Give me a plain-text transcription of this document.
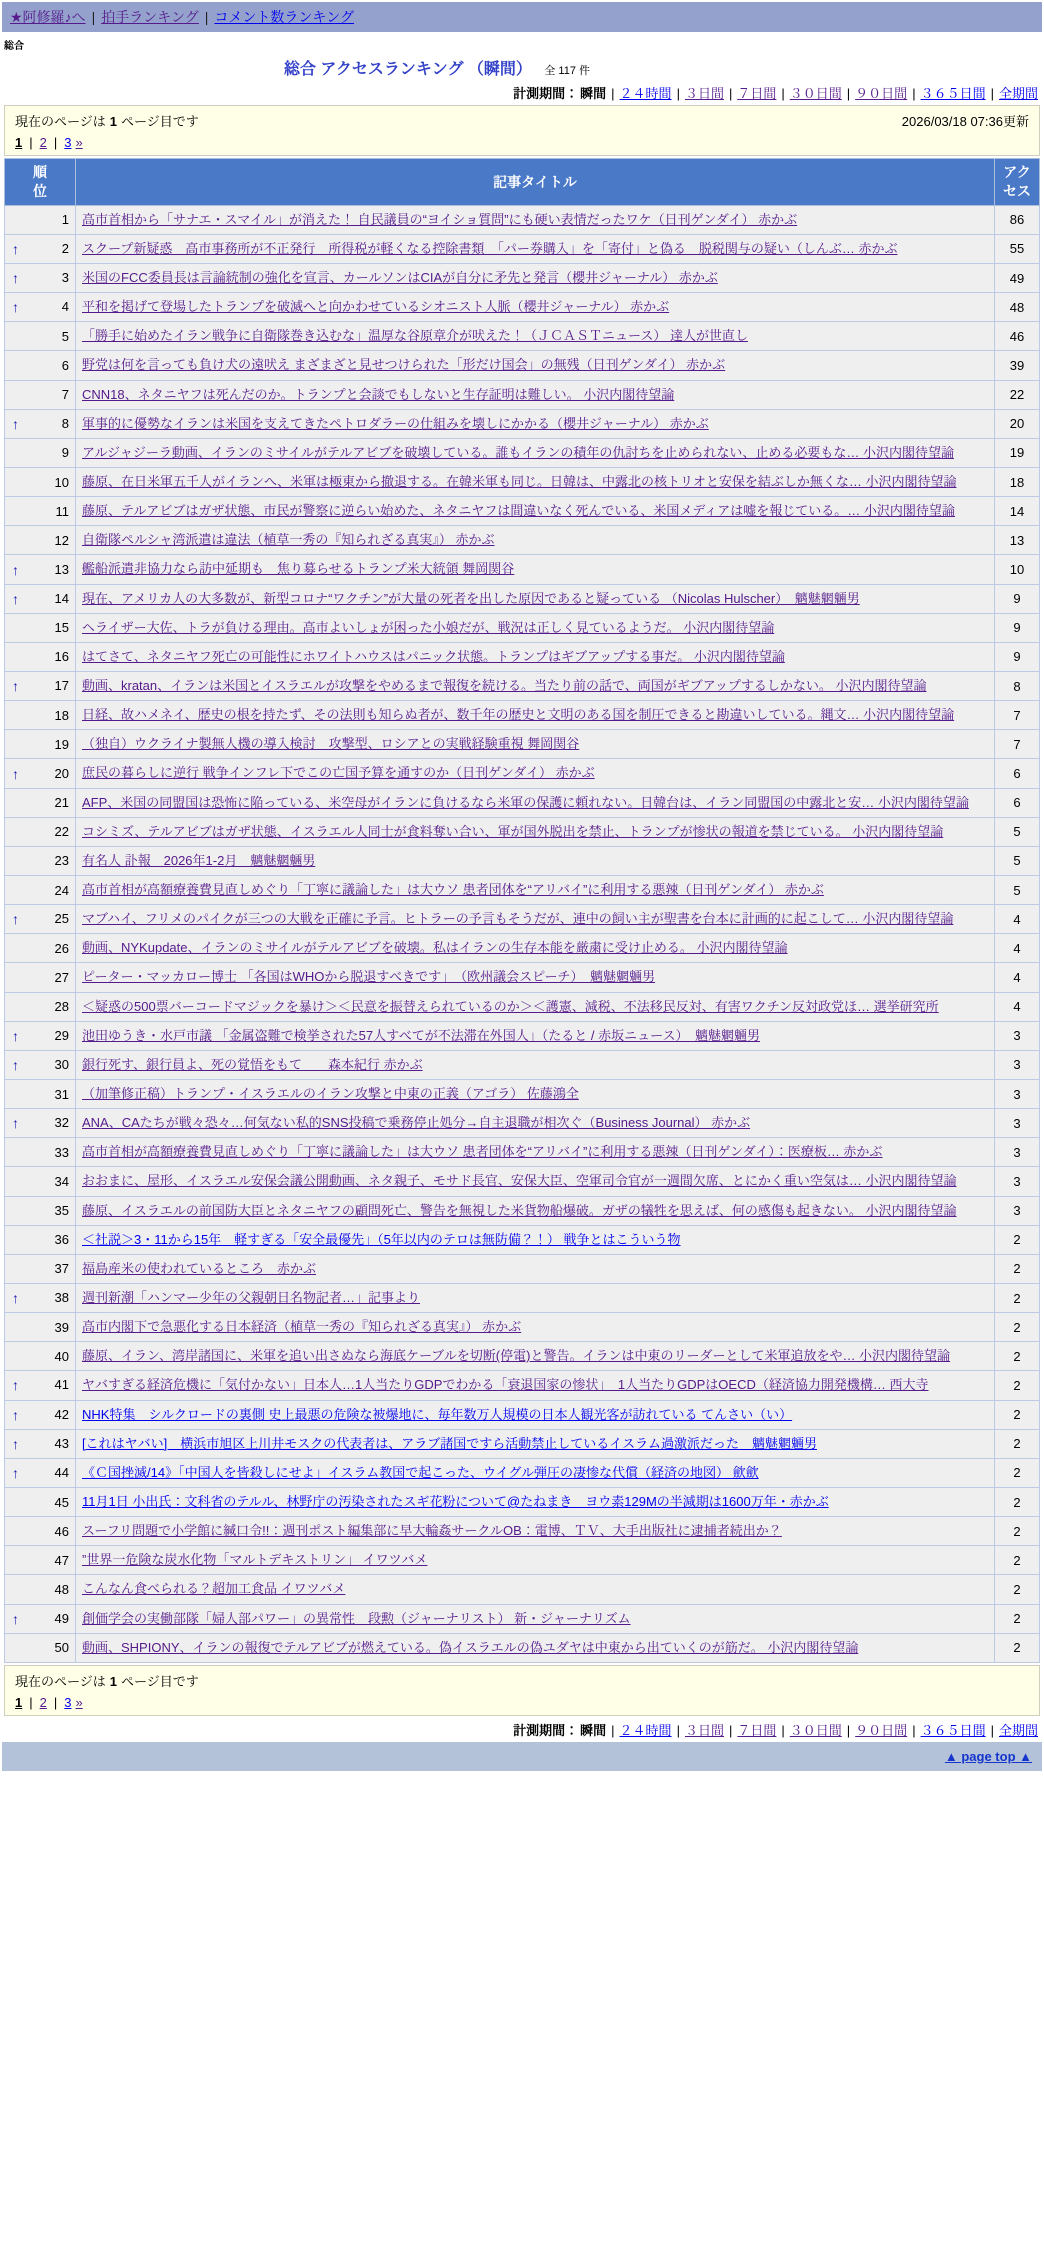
★阿修羅♪へ | 拍手ランキング | コメント数ランキング
総合
総合 アクセスランキング （瞬間） 全 117 件
計測期間： 瞬間 | ２４時間 | ３日間 | ７日間 | ３０日間 | ９０日間 | ３６５日間 | 全期間
現在のページは 1 ページ目です	2026/03/18 07:36更新
1 | 2 | 3 »
順位	記事タイトル	アクセス

1	高市首相から「サナエ・スマイル」が消えた！ 自民議員の“ヨイショ質問”にも硬い表情だったワケ（日刊ゲンダイ） 赤かぶ	86

↑ 2	スクープ新疑惑　高市事務所が不正発行　所得税が軽くなる控除書類　「パー券購入」を「寄付」と偽る　脱税関与の疑い（しんぶ… 赤かぶ	55

↑ 3	米国のFCC委員長は言論統制の強化を宣言、カールソンはCIAが自分に矛先と発言（櫻井ジャーナル） 赤かぶ	49

↑ 4	平和を掲げて登場したトランプを破滅へと向かわせているシオニスト人脈（櫻井ジャーナル） 赤かぶ	48

5	「勝手に始めたイラン戦争に自衛隊巻き込むな」温厚な谷原章介が吠えた！（ＪＣＡＳＴニュース） 達人が世直し	46

6	野党は何を言っても負け犬の遠吠え まざまざと見せつけられた「形だけ国会」の無残（日刊ゲンダイ） 赤かぶ	39

7	CNN18、ネタニヤフは死んだのか。トランプと会談でもしないと生存証明は難しい。 小沢内閣待望論	22

↑ 8	軍事的に優勢なイランは米国を支えてきたペトロダラーの仕組みを壊しにかかる（櫻井ジャーナル） 赤かぶ	20

9	アルジャジーラ動画、イランのミサイルがテルアビブを破壊している。誰もイランの積年の仇討ちを止められない、止める必要もな… 小沢内閣待望論	19

10	藤原、在日米軍五千人がイランへ、米軍は極東から撤退する。在韓米軍も同じ。日韓は、中露北の核トリオと安保を結ぶしか無くな… 小沢内閣待望論	18

11	藤原、テルアビブはガザ状態、市民が警察に逆らい始めた、ネタニヤフは間違いなく死んでいる、米国メディアは嘘を報じている。… 小沢内閣待望論	14

12	自衛隊ペルシャ湾派遣は違法（植草一秀の『知られざる真実』） 赤かぶ	13

↑ 13	艦船派遣非協力なら訪中延期も　焦り募らせるトランプ米大統領 舞岡関谷	10

↑ 14	現在、アメリカ人の大多数が、新型コロナ“ワクチン”が大量の死者を出した原因であると疑っている （Nicolas Hulscher）　魑魅魍魎男	9

15	ヘライザー大佐、トラが負ける理由。高市よいしょが困った小娘だが、戦況は正しく見ているようだ。 小沢内閣待望論	9

16	はてさて、ネタニヤフ死亡の可能性にホワイトハウスはパニック状態。トランプはギブアップする事だ。 小沢内閣待望論	9

↑ 17	動画、kratan、イランは米国とイスラエルが攻撃をやめるまで報復を続ける。当たり前の話で、両国がギブアップするしかない。 小沢内閣待望論	8

18	日経、故ハメネイ、歴史の根を持たず、その法則も知らぬ者が、数千年の歴史と文明のある国を制圧できると勘違いしている。縄文… 小沢内閣待望論	7

19	（独自）ウクライナ製無人機の導入検討　攻撃型、ロシアとの実戦経験重視 舞岡関谷	7

↑ 20	庶民の暮らしに逆行 戦争インフレ下でこの亡国予算を通すのか（日刊ゲンダイ） 赤かぶ	6

21	AFP、米国の同盟国は恐怖に陥っている、米空母がイランに負けるなら米軍の保護に頼れない。日韓台は、イラン同盟国の中露北と安… 小沢内閣待望論	6

22	コシミズ、テルアビブはガザ状態、イスラエル人同士が食料奪い合い、軍が国外脱出を禁止、トランプが惨状の報道を禁じている。 小沢内閣待望論	5

23	有名人 訃報　2026年1-2月　魑魅魍魎男	5

24	高市首相が高額療養費見直しめぐり「丁寧に議論した」は大ウソ 患者団体を“アリバイ”に利用する悪辣（日刊ゲンダイ） 赤かぶ	5

↑ 25	マブハイ、フリメのパイクが三つの大戦を正確に予言。ヒトラーの予言もそうだが、連中の飼い主が聖書を台本に計画的に起こして… 小沢内閣待望論	4

26	動画、NYKupdate、イランのミサイルがテルアビブを破壊。私はイランの生存本能を厳粛に受け止める。 小沢内閣待望論	4

27	ピーター・マッカロー博士 「各国はWHOから脱退すべきです」　（欧州議会スピーチ）　魑魅魍魎男	4

28	＜疑惑の500票バーコードマジックを暴け＞＜民意を振替えられているのか＞＜護憲、減税、不法移民反対、有害ワクチン反対政党ほ… 選挙研究所	4

↑ 29	池田ゆうき・水戸市議 「金属盗難で検挙された57人すべてが不法滞在外国人」（たると / 赤坂ニュース）　魑魅魍魎男	3

↑ 30	銀行死す、銀行員よ、死の覚悟をもて　　森本紀行 赤かぶ	3

31	（加筆修正稿）トランプ・イスラエルのイラン攻撃と中東の正義（アゴラ） 佐藤鴻全	3

↑ 32	ANA、CAたちが戦々恐々…何気ない私的SNS投稿で乗務停止処分→自主退職が相次ぐ（Business Journal） 赤かぶ	3

33	高市首相が高額療養費見直しめぐり「丁寧に議論した」は大ウソ 患者団体を“アリバイ”に利用する悪辣（日刊ゲンダイ）：医療板… 赤かぶ	3

34	おおまに、屋形、イスラエル安保会議公開動画、ネタ親子、モサド長官、安保大臣、空軍司令官が一週間欠席、とにかく重い空気は… 小沢内閣待望論	3

35	藤原、イスラエルの前国防大臣とネタニヤフの顧問死亡、警告を無視した米貨物船爆破。ガザの犠牲を思えば、何の感傷も起きない。 小沢内閣待望論	3

36	＜社説＞3・11から15年　軽すぎる「安全最優先」（5年以内のテロは無防備？！） 戦争とはこういう物	2

37	福島産米の使われているところ　赤かぶ	2

↑ 38	週刊新潮「ハンマー少年の父親朝日名物記者…」記事より	2

39	高市内閣下で急悪化する日本経済（植草一秀の『知られざる真実』） 赤かぶ	2

40	藤原、イラン、湾岸諸国に、米軍を追い出さぬなら海底ケーブルを切断(停電)と警告。イランは中東のリーダーとして米軍追放をや… 小沢内閣待望論	2

↑ 41	ヤバすぎる経済危機に「気付かない」日本人…1人当たりGDPでわかる「衰退国家の惨状」　1人当たりGDPはOECD（経済協力開発機構… 西大寺	2

↑ 42	NHK特集　シルクロードの裏側 史上最悪の危険な被爆地に、毎年数万人規模の日本人観光客が訪れている てんさい（い）	2

↑ 43	[これはヤバい]　横浜市旭区上川井モスクの代表者は、アラブ諸国ですら活動禁止しているイスラム過激派だった　魑魅魍魎男	2

↑ 44	《Ｃ国挫滅/14》「中国人を皆殺しにせよ」イスラム教国で起こった、ウイグル弾圧の凄惨な代償（経済の地図） 歛歛	2

45	11月1日 小出氏：文科省のテルル、林野庁の汚染されたスギ花粉について@たねまき　ヨウ素129Mの半減期は1600万年・赤かぶ	2

46	スーフリ問題で小学館に緘口令!!：週刊ポスト編集部に早大輪姦サークルOB：電博、ＴＶ、大手出版社に逮捕者続出か？	2

47	”世界一危険な炭水化物「マルトデキストリン」 イワツバメ	2

48	こんなん食べられる？超加工食品 イワツバメ	2

↑ 49	創価学会の実働部隊「婦人部パワー」の異常性　段勲（ジャーナリスト） 新・ジャーナリズム	2

50	動画、SHPIONY、イランの報復でテルアビブが燃えている。偽イスラエルの偽ユダヤは中東から出ていくのが筋だ。 小沢内閣待望論	2
現在のページは 1 ページ目です
1 | 2 | 3 »
計測期間： 瞬間 | ２４時間 | ３日間 | ７日間 | ３０日間 | ９０日間 | ３６５日間 | 全期間
▲ page top ▲
